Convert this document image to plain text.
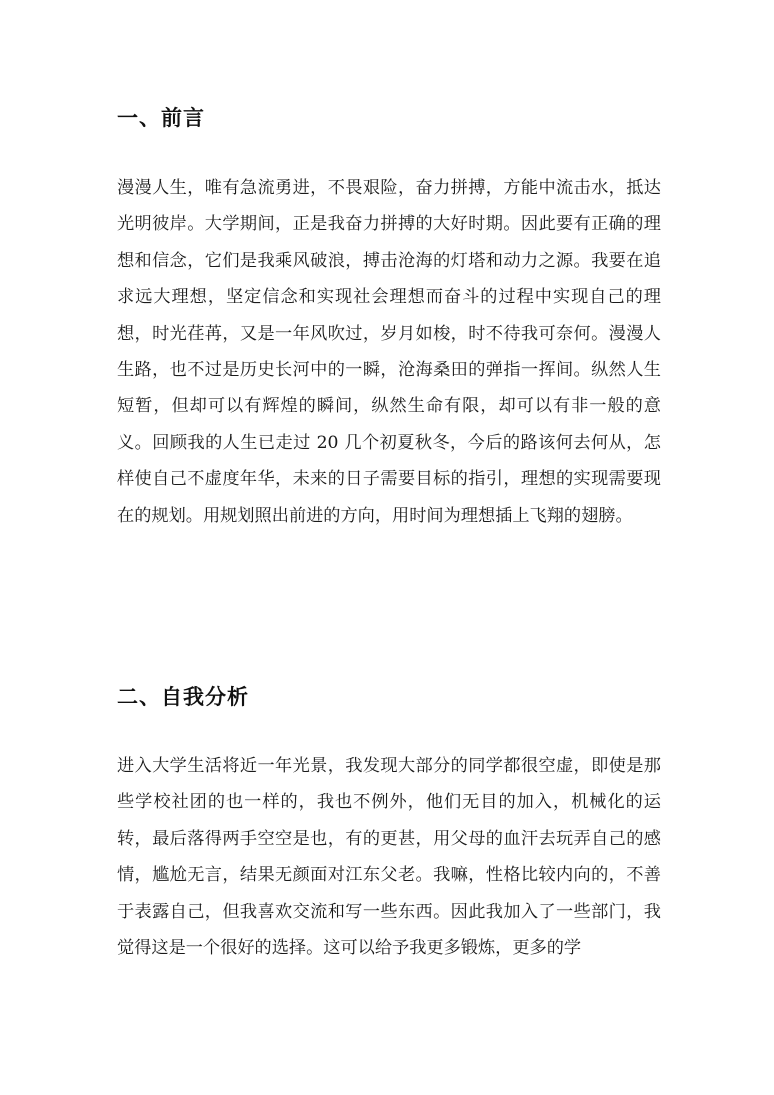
一、前言

漫漫人生，唯有急流勇进，不畏艰险，奋力拼搏，方能中流击水，抵达光明彼岸。大学期间，正是我奋力拼搏的大好时期。因此要有正确的理想和信念，它们是我乘风破浪，搏击沧海的灯塔和动力之源。我要在追求远大理想，坚定信念和实现社会理想而奋斗的过程中实现自己的理想，时光荏苒，又是一年风吹过，岁月如梭，时不待我可奈何。漫漫人生路，也不过是历史长河中的一瞬，沧海桑田的弹指一挥间。纵然人生短暂，但却可以有辉煌的瞬间，纵然生命有限，却可以有非一般的意义。回顾我的人生已走过 20 几个初夏秋冬，今后的路该何去何从，怎样使自己不虚度年华，未来的日子需要目标的指引，理想的实现需要现在的规划。用规划照出前进的方向，用时间为理想插上飞翔的翅膀。

二、自我分析

进入大学生活将近一年光景，我发现大部分的同学都很空虚，即使是那些学校社团的也一样的，我也不例外，他们无目的加入，机械化的运转，最后落得两手空空是也，有的更甚，用父母的血汗去玩弄自己的感情，尴尬无言，结果无颜面对江东父老。我嘛，性格比较内向的，不善于表露自己，但我喜欢交流和写一些东西。因此我加入了一些部门，我觉得这是一个很好的选择。这可以给予我更多锻炼，更多的学
